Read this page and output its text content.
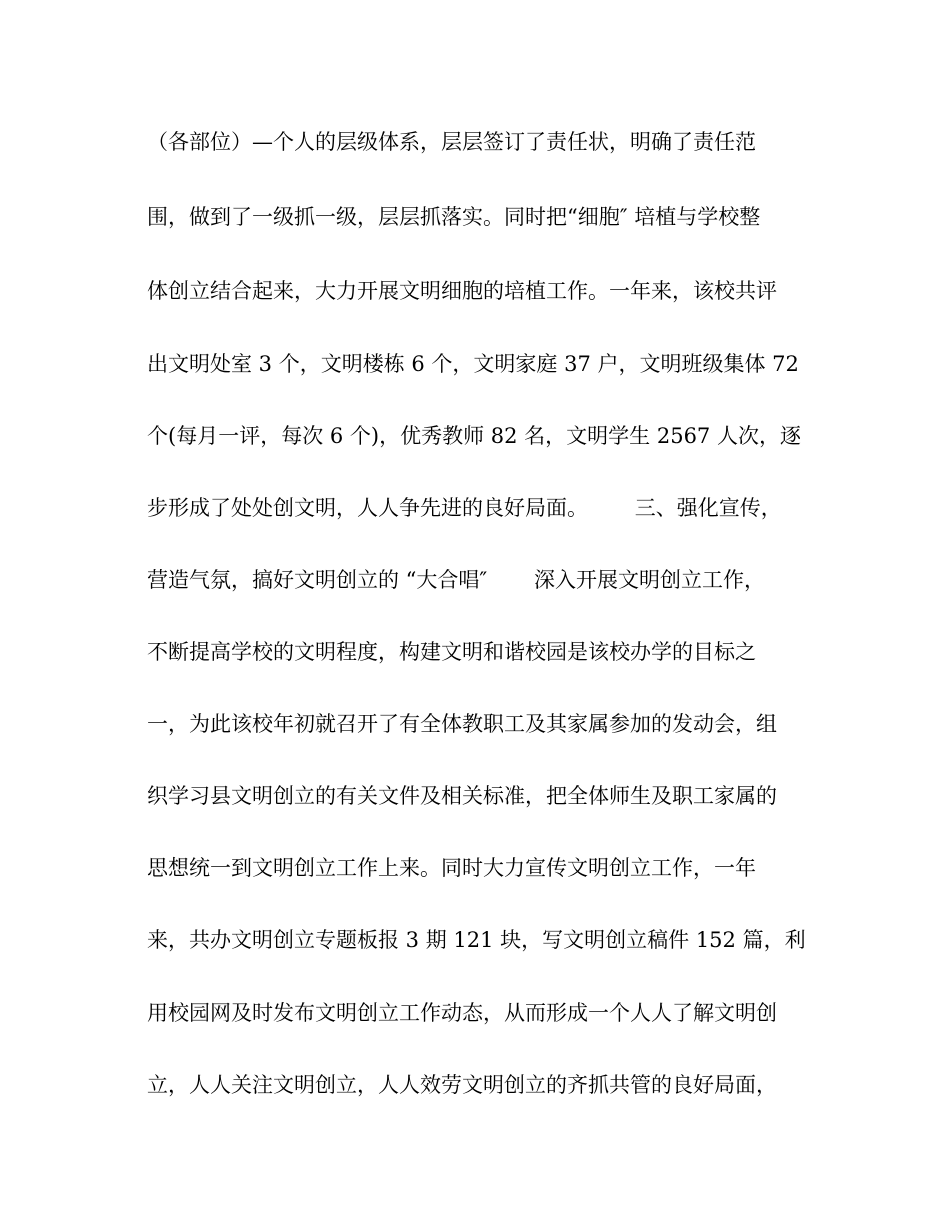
（各部位）—个人的层级体系，层层签订了责任状，明确了责任范
围，做到了一级抓一级，层层抓落实。同时把“细胞″ 培植与学校整
体创立结合起来，大力开展文明细胞的培植工作。一年来，该校共评
出文明处室 3 个，文明楼栋 6 个，文明家庭 37 户，文明班级集体 72
个(每月一评，每次 6 个)，优秀教师 82 名，文明学生 2567 人次，逐
步形成了处处创文明，人人争先进的良好局面。       三、强化宣传，
营造气氛，搞好文明创立的 “大合唱″       深入开展文明创立工作，
不断提高学校的文明程度，构建文明和谐校园是该校办学的目标之
一，为此该校年初就召开了有全体教职工及其家属参加的发动会，组
织学习县文明创立的有关文件及相关标准，把全体师生及职工家属的
思想统一到文明创立工作上来。同时大力宣传文明创立工作，一年
来，共办文明创立专题板报 3 期 121 块，写文明创立稿件 152 篇，利
用校园网及时发布文明创立工作动态，从而形成一个人人了解文明创
立，人人关注文明创立，人人效劳文明创立的齐抓共管的良好局面，
